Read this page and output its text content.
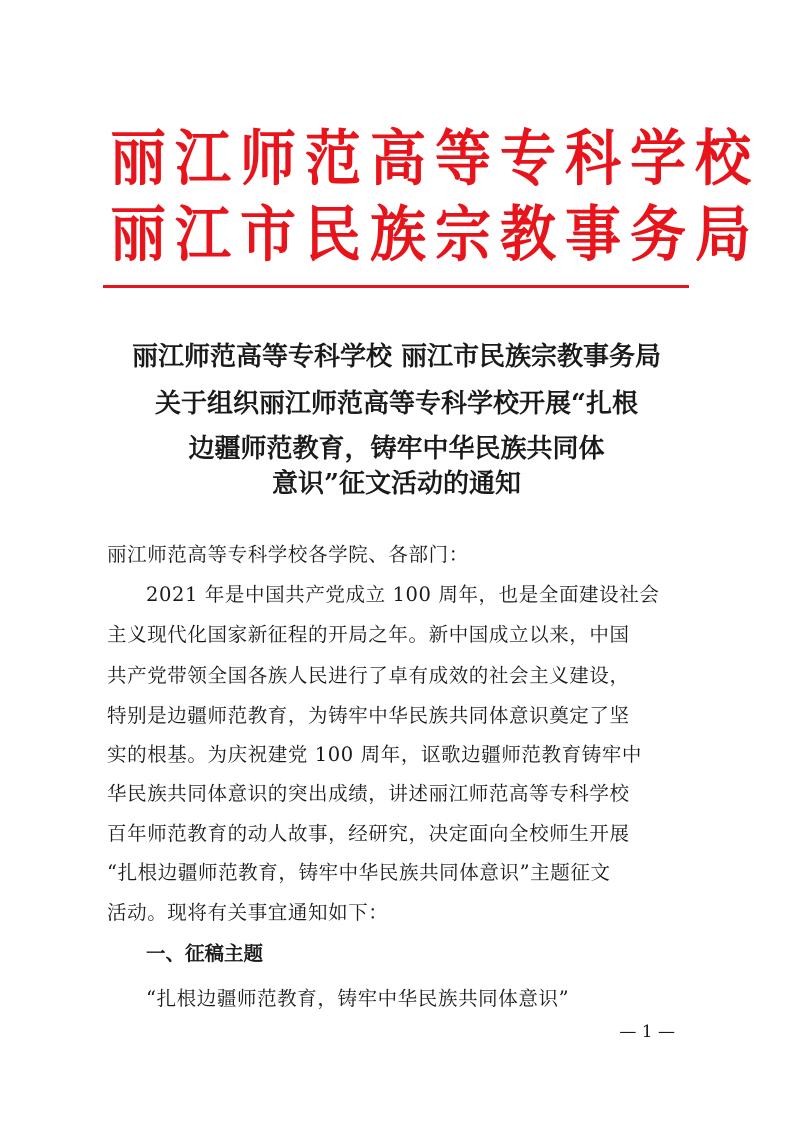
丽江师范高等专科学校
丽江市民族宗教事务局
丽江师范高等专科学校 丽江市民族宗教事务局
关于组织丽江师范高等专科学校开展“扎根
边疆师范教育，铸牢中华民族共同体
意识”征文活动的通知
丽江师范高等专科学校各学院、各部门：
2021 年是中国共产党成立 100 周年，也是全面建设社会
主义现代化国家新征程的开局之年。新中国成立以来，中国
共产党带领全国各族人民进行了卓有成效的社会主义建设，
特别是边疆师范教育，为铸牢中华民族共同体意识奠定了坚
实的根基。为庆祝建党 100 周年，讴歌边疆师范教育铸牢中
华民族共同体意识的突出成绩，讲述丽江师范高等专科学校
百年师范教育的动人故事，经研究，决定面向全校师生开展
“扎根边疆师范教育，铸牢中华民族共同体意识”主题征文
活动。现将有关事宜通知如下：
一、征稿主题
“扎根边疆师范教育，铸牢中华民族共同体意识”
— 1 —
